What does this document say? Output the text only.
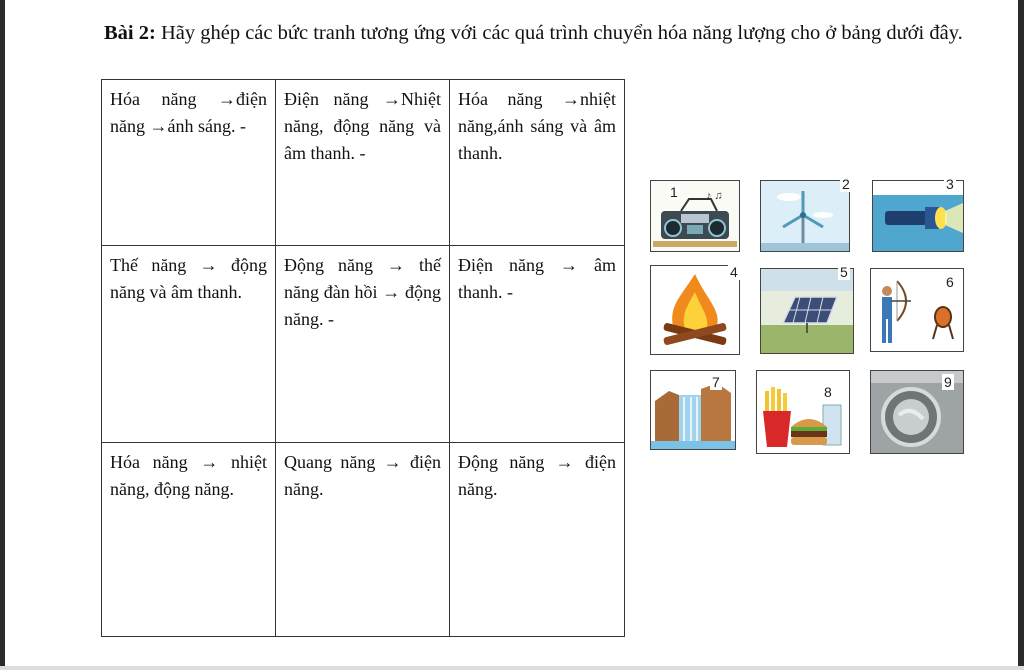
Bài 2: Hãy ghép các bức tranh tương ứng với các quá trình chuyển hóa năng lượng cho ở bảng dưới đây.
Hóa năng →điện năng →ánh sáng. -	Điện năng →Nhiệt năng, động năng và âm thanh. -	Hóa năng →nhiệt năng,ánh sáng và âm thanh.
Thế năng → động năng và âm thanh.	Động năng → thế năng đàn hồi → động năng. -	Điện năng → âm thanh. -
Hóa năng → nhiệt năng, động năng.	Quang năng → điện năng.	Động năng → điện năng.
♪ ♫
1	2	3
4	5
6
7
8
9
